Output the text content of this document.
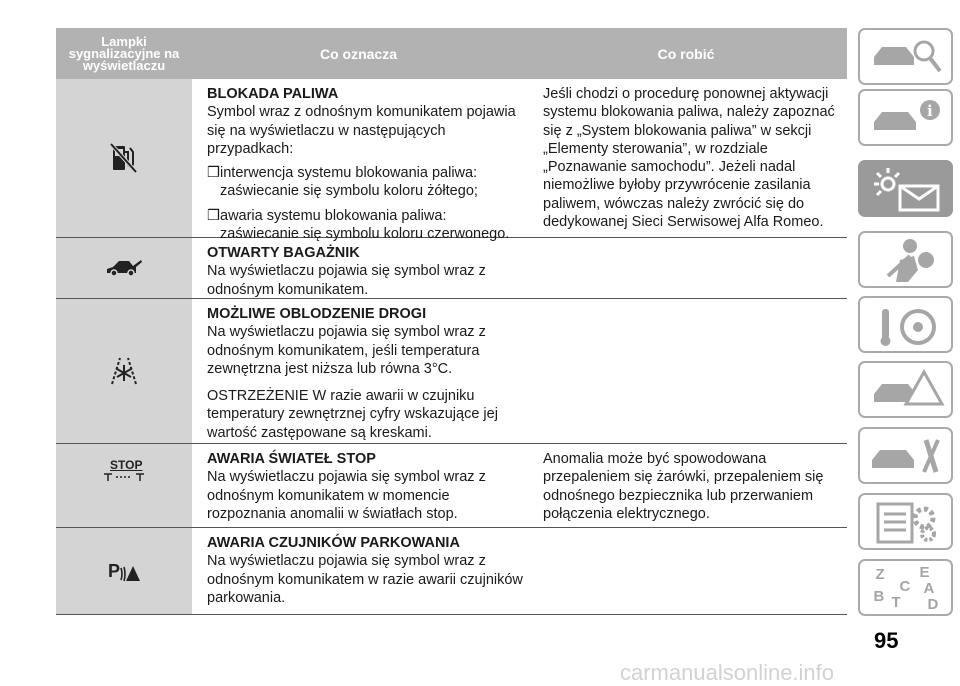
Lampki sygnalizacyjne na wyświetlaczu
Co oznacza	Co robić
BLOKADA PALIWA
Symbol wraz z odnośnym komunikatem pojawia się na wyświetlaczu w następujących przypadkach:
❒ interwencja systemu blokowania paliwa: zaświecanie się symbolu koloru żółtego;
❒ awaria systemu blokowania paliwa: zaświecanie się symbolu koloru czerwonego.
Jeśli chodzi o procedurę ponownej aktywacji systemu blokowania paliwa, należy zapoznać się z „System blokowania paliwa” w sekcji „Elementy sterowania”, w rozdziale „Poznawanie samochodu”. Jeżeli nadal niemożliwe byłoby przywrócenie zasilania paliwem, wówczas należy zwrócić się do dedykowanej Sieci Serwisowej Alfa Romeo.
OTWARTY BAGAŻNIK
Na wyświetlaczu pojawia się symbol wraz z odnośnym komunikatem.
MOŻLIWE OBLODZENIE DROGI
Na wyświetlaczu pojawia się symbol wraz z odnośnym komunikatem, jeśli temperatura zewnętrzna jest niższa lub równa 3°C.
OSTRZEŻENIE W razie awarii w czujniku temperatury zewnętrznej cyfry wskazujące jej wartość zastępowane są kreskami.
STOP	AWARIA ŚWIATEŁ STOP
Na wyświetlaczu pojawia się symbol wraz z odnośnym komunikatem w momencie rozpoznania anomalii w światłach stop.
Anomalia może być spowodowana przepaleniem się żarówki, przepaleniem się odnośnego bezpiecznika lub przerwaniem połączenia elektrycznego.
P
AWARIA CZUJNIKÓW PARKOWANIA
Na wyświetlaczu pojawia się symbol wraz z odnośnym komunikatem w razie awarii czujników parkowania.
i
Z E
A
B
C
T D
95
carmanualsonline.info
